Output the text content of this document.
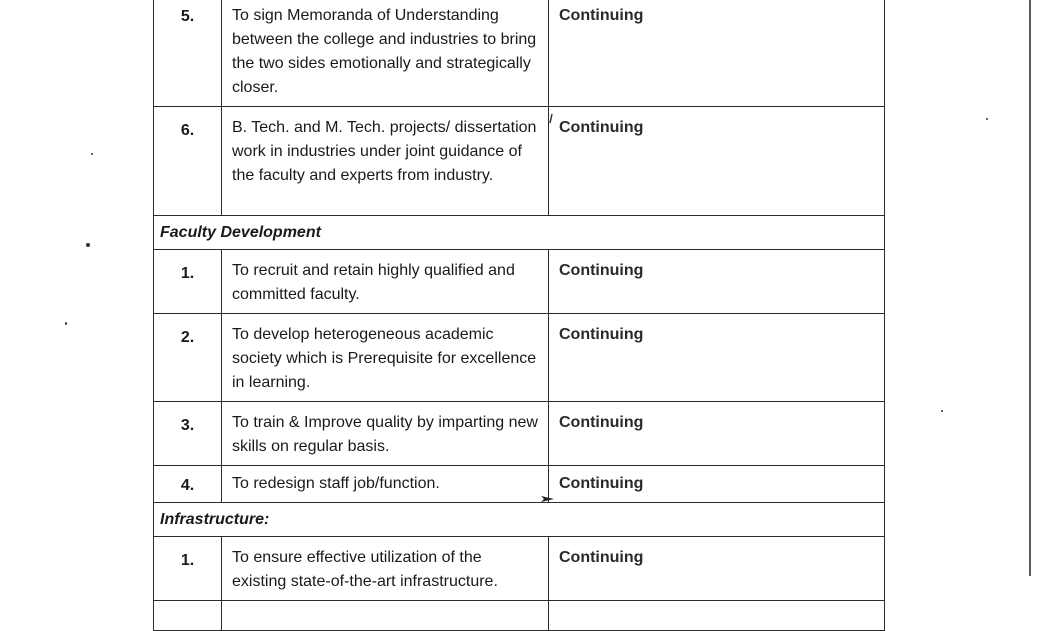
5.	To sign Memoranda of Understanding between the college and industries to bring the two sides emotionally and strategically closer.	Continuing
6.	B. Tech. and M. Tech. projects/ dissertation work in industries under joint guidance of the faculty and experts from industry.	Continuing
Faculty Development		
1.	To recruit and retain highly qualified and committed faculty.	Continuing
2.	To develop heterogeneous academic society which is Prerequisite for excellence in learning.	Continuing
3.	To train & Improve quality by imparting new skills on regular basis.	Continuing
4.	To redesign staff job/function.	Continuing
Infrastructure:		
1.	To ensure effective utilization of the existing state-of-the-art infrastructure.	Continuing
